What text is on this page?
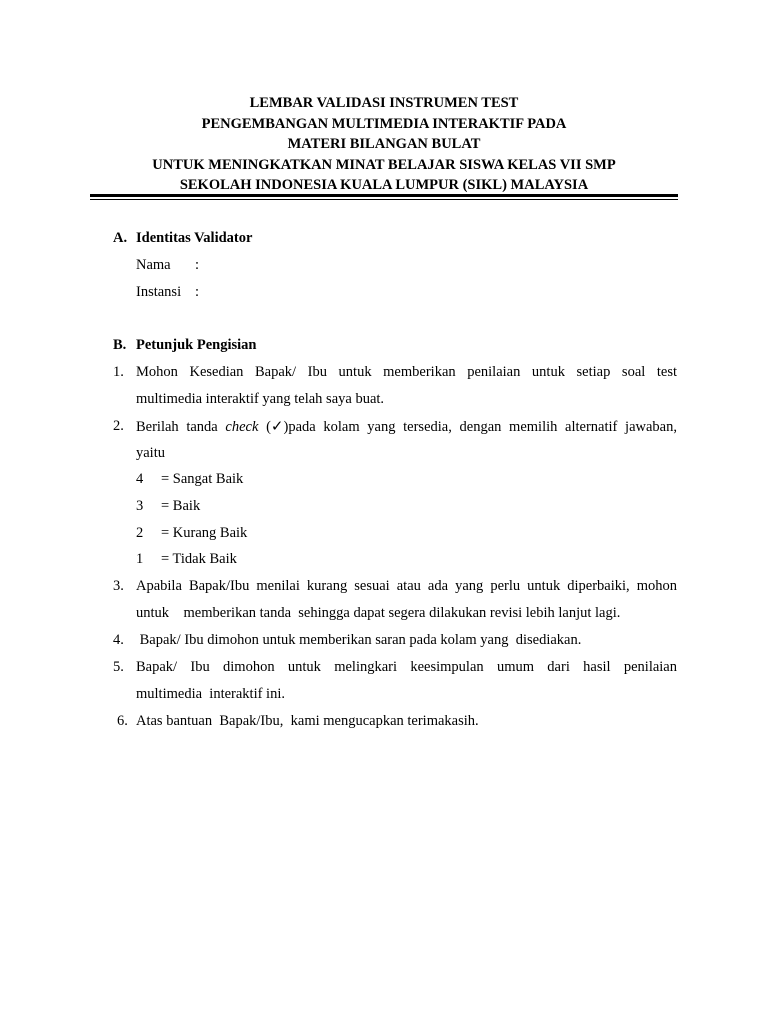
LEMBAR VALIDASI INSTRUMEN TEST
PENGEMBANGAN MULTIMEDIA INTERAKTIF PADA
MATERI BILANGAN BULAT
UNTUK MENINGKATKAN MINAT BELAJAR SISWA KELAS VII SMP
SEKOLAH INDONESIA KUALA LUMPUR (SIKL) MALAYSIA
A. Identitas Validator
Nama :
Instansi :
B. Petunjuk Pengisian
1. Mohon Kesedian Bapak/ Ibu untuk memberikan penilaian untuk setiap soal test
multimedia interaktif yang telah saya buat.
2. Berilah tanda check (✓)pada kolam yang tersedia, dengan memilih alternatif jawaban,
yaitu
4 = Sangat Baik
3 = Baik
2 = Kurang Baik
1 = Tidak Baik
3. Apabila Bapak/Ibu menilai kurang sesuai atau ada yang perlu untuk diperbaiki, mohon
untuk    memberikan tanda  sehingga dapat segera dilakukan revisi lebih lanjut lagi.
4. Bapak/ Ibu dimohon untuk memberikan saran pada kolam yang  disediakan.
5. Bapak/ Ibu dimohon untuk melingkari keesimpulan umum dari hasil penilaian
multimedia  interaktif ini.
6. Atas bantuan  Bapak/Ibu,  kami mengucapkan terimakasih.
